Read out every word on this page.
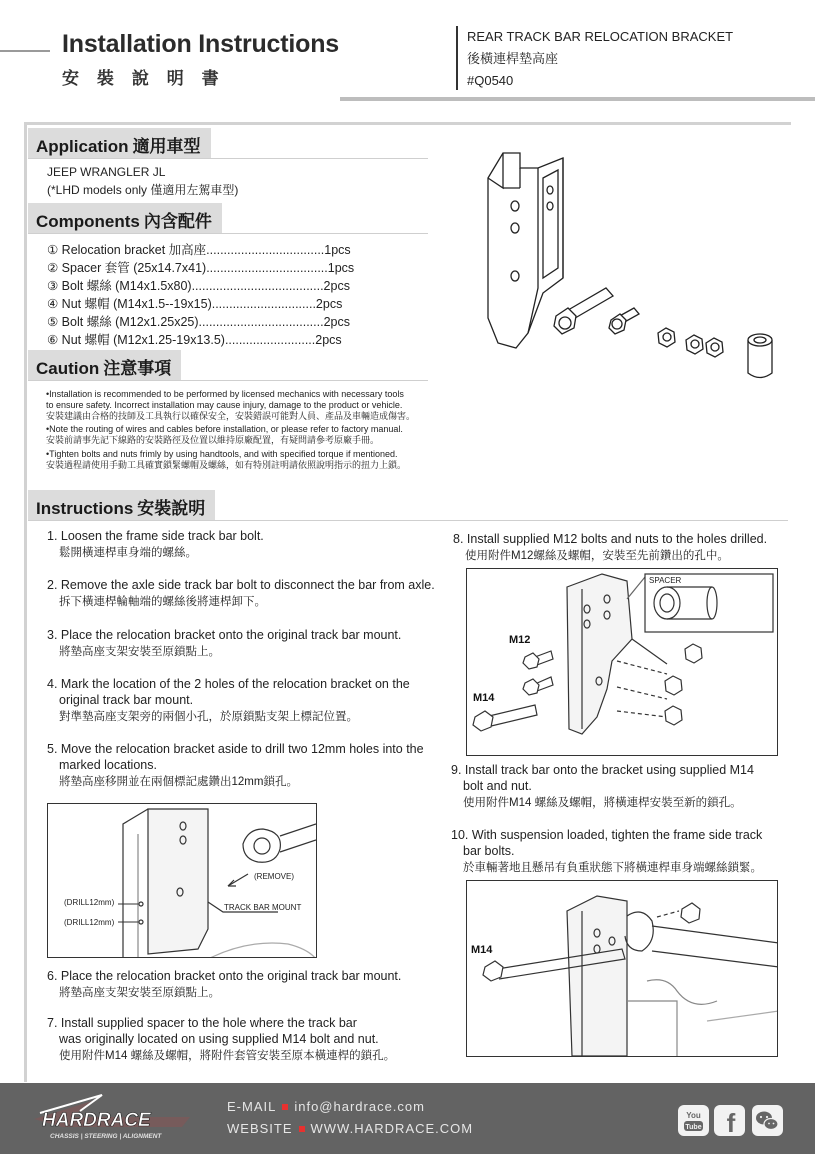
Installation Instructions
安 裝 說 明 書
REAR TRACK BAR RELOCATION BRACKET
後橫連桿墊高座
#Q0540
Application 適用車型
JEEP WRANGLER JL
(*LHD models only 僅適用左駕車型)
Components 內含配件
① Relocation bracket 加高座..................................1pcs
② Spacer 套管 (25x14.7x41)...................................1pcs
③ Bolt 螺絲 (M14x1.5x80)......................................2pcs
④ Nut 螺帽 (M14x1.5--19x15)..............................2pcs
⑤ Bolt 螺絲 (M12x1.25x25)....................................2pcs
⑥ Nut 螺帽 (M12x1.25-19x13.5)..........................2pcs
Caution 注意事項
•Installation is recommended to be performed by licensed mechanics with necessary tools
to ensure safety. Incorrect installation may cause injury, damage to the product or vehicle.
安裝建議由合格的技師及工具執行以確保安全，安裝錯誤可能對人員、產品及車輛造成傷害。
•Note the routing of wires and cables before installation, or please refer to factory manual.
安裝前請事先記下線路的安裝路徑及位置以維持原廠配置，有疑問請參考原廠手冊。
•Tighten bolts and nuts frimly by using handtools, and with specified torque if mentioned.
安裝過程請使用手動工具確實鎖緊螺帽及螺絲，如有特別註明請依照說明指示的扭力上鎖。
Instructions 安裝說明
1. Loosen the frame side track bar bolt.
鬆開橫連桿車身端的螺絲。
2. Remove the axle side track bar bolt to disconnect the bar from axle.
拆下橫連桿輪軸端的螺絲後將連桿卸下。
3. Place the relocation bracket onto the original track bar mount.
將墊高座支架安裝至原鎖點上。
4. Mark the location of the 2 holes of the relocation bracket on the
original track bar mount.
對準墊高座支架旁的兩個小孔，於原鎖點支架上標記位置。
5. Move the relocation bracket aside to drill two 12mm holes into the
marked locations.
將墊高座移開並在兩個標記處鑽出12mm鎖孔。
(DRILL12mm)
(DRILL12mm)
(REMOVE)
TRACK BAR MOUNT
6. Place the relocation bracket onto the original track bar mount.
將墊高座支架安裝至原鎖點上。
7. Install supplied spacer to the hole where the track bar
was originally located on using supplied M14 bolt and nut.
使用附件M14 螺絲及螺帽，將附件套管安裝至原本橫連桿的鎖孔。
8. Install supplied M12 bolts and nuts to the holes drilled.
使用附件M12螺絲及螺帽，安裝至先前鑽出的孔中。
SPACER
M12
M14
9. Install track bar onto the bracket using supplied M14
bolt and nut.
使用附件M14 螺絲及螺帽，將橫連桿安裝至新的鎖孔。
10. With suspension loaded, tighten the frame side track
bar bolts.
於車輛著地且懸吊有負重狀態下將橫連桿車身端螺絲鎖緊。
M14
HARDRACE
CHASSIS | STEERING | ALIGNMENT
E-MAIL info@hardrace.com
WEBSITE WWW.HARDRACE.COM
You
Tube f
